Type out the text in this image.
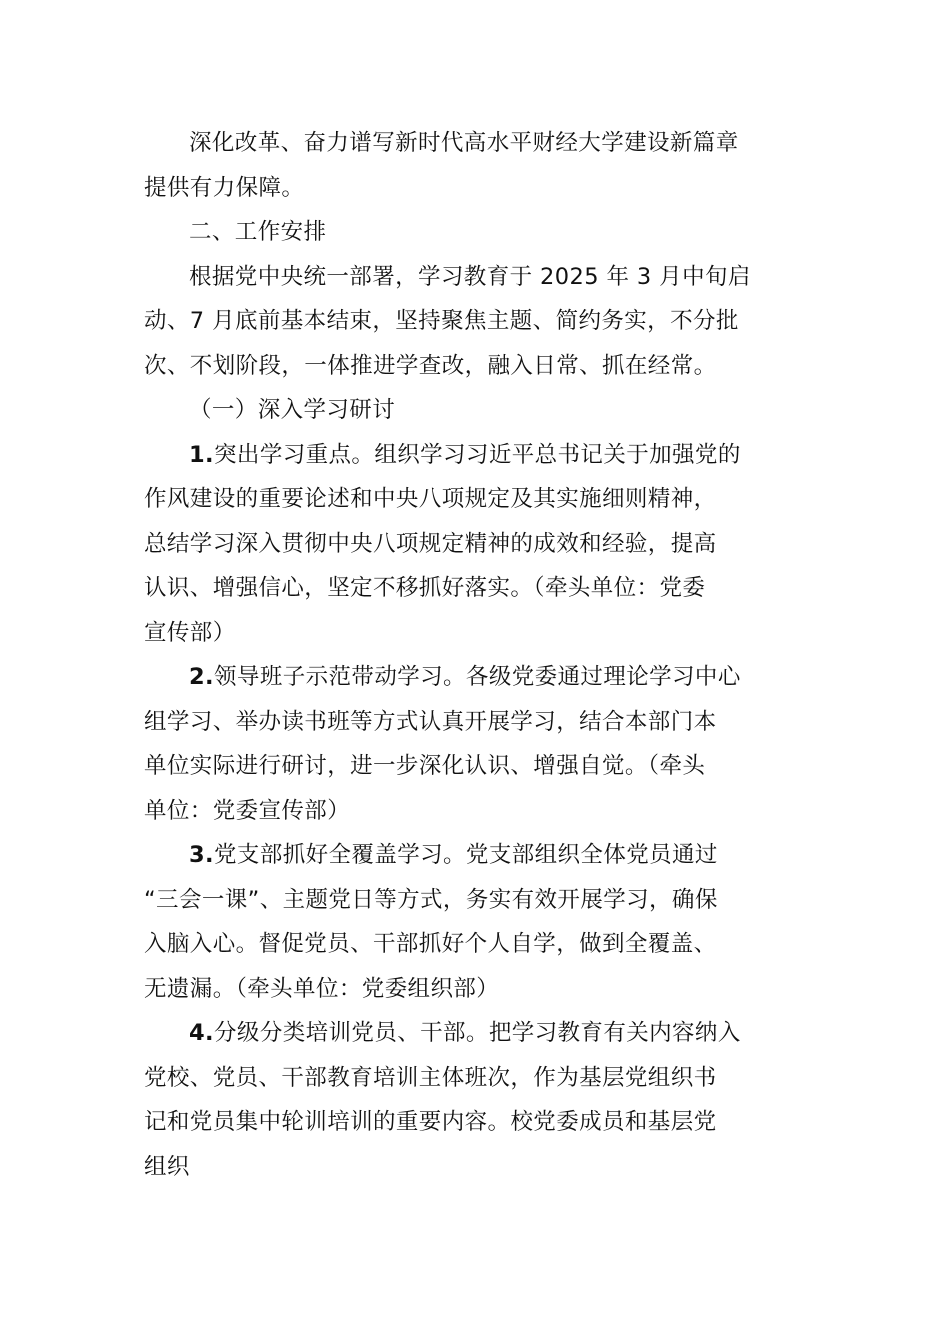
深化改革、奋力谱写新时代高水平财经大学建设新篇章
提供有力保障。
二、工作安排
根据党中央统一部署，学习教育于 2025 年 3 月中旬启
动、7 月底前基本结束，坚持聚焦主题、简约务实，不分批
次、不划阶段，一体推进学查改，融入日常、抓在经常。
（一）深入学习研讨
1.突出学习重点。组织学习习近平总书记关于加强党的
作风建设的重要论述和中央八项规定及其实施细则精神，
总结学习深入贯彻中央八项规定精神的成效和经验，提高
认识、增强信心，坚定不移抓好落实。（牵头单位：党委
宣传部）
2.领导班子示范带动学习。各级党委通过理论学习中心
组学习、举办读书班等方式认真开展学习，结合本部门本
单位实际进行研讨，进一步深化认识、增强自觉。（牵头
单位：党委宣传部）
3.党支部抓好全覆盖学习。党支部组织全体党员通过
“三会一课”、主题党日等方式，务实有效开展学习，确保
入脑入心。督促党员、干部抓好个人自学，做到全覆盖、
无遗漏。（牵头单位：党委组织部）
4.分级分类培训党员、干部。把学习教育有关内容纳入
党校、党员、干部教育培训主体班次，作为基层党组织书
记和党员集中轮训培训的重要内容。校党委成员和基层党
组织
